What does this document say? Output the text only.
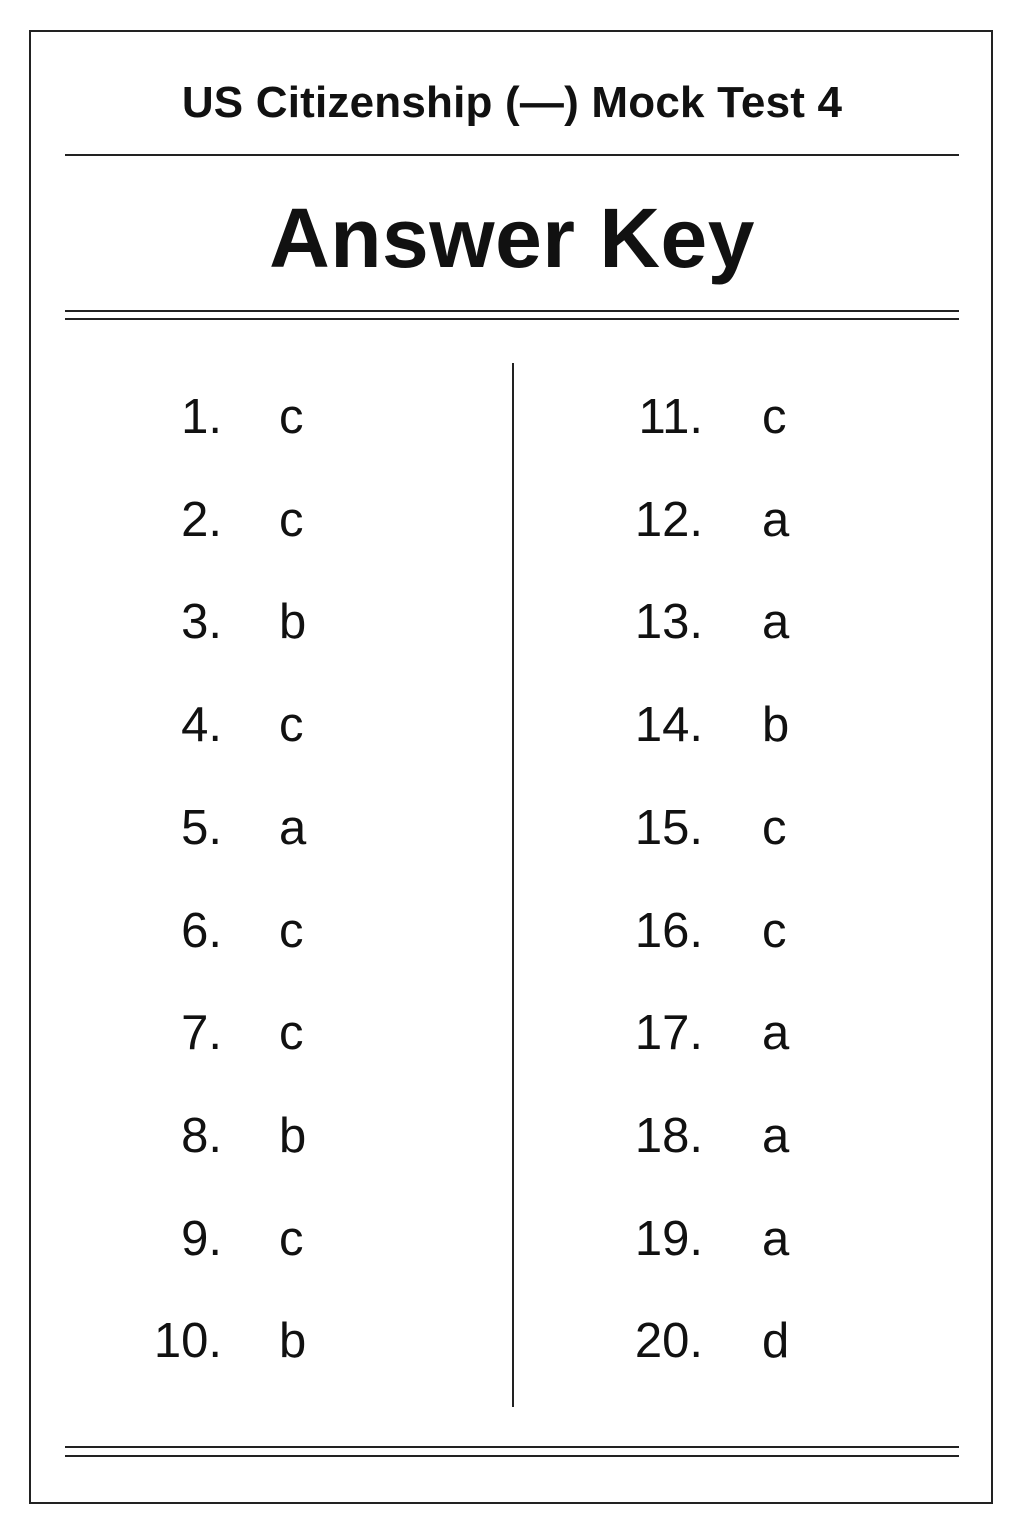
US Citizenship (—) Mock Test 4
Answer Key
1. c
2. c
3. b
4. c
5. a
6. c
7. c
8. b
9. c
10. b
11. c
12. a
13. a
14. b
15. c
16. c
17. a
18. a
19. a
20. d
